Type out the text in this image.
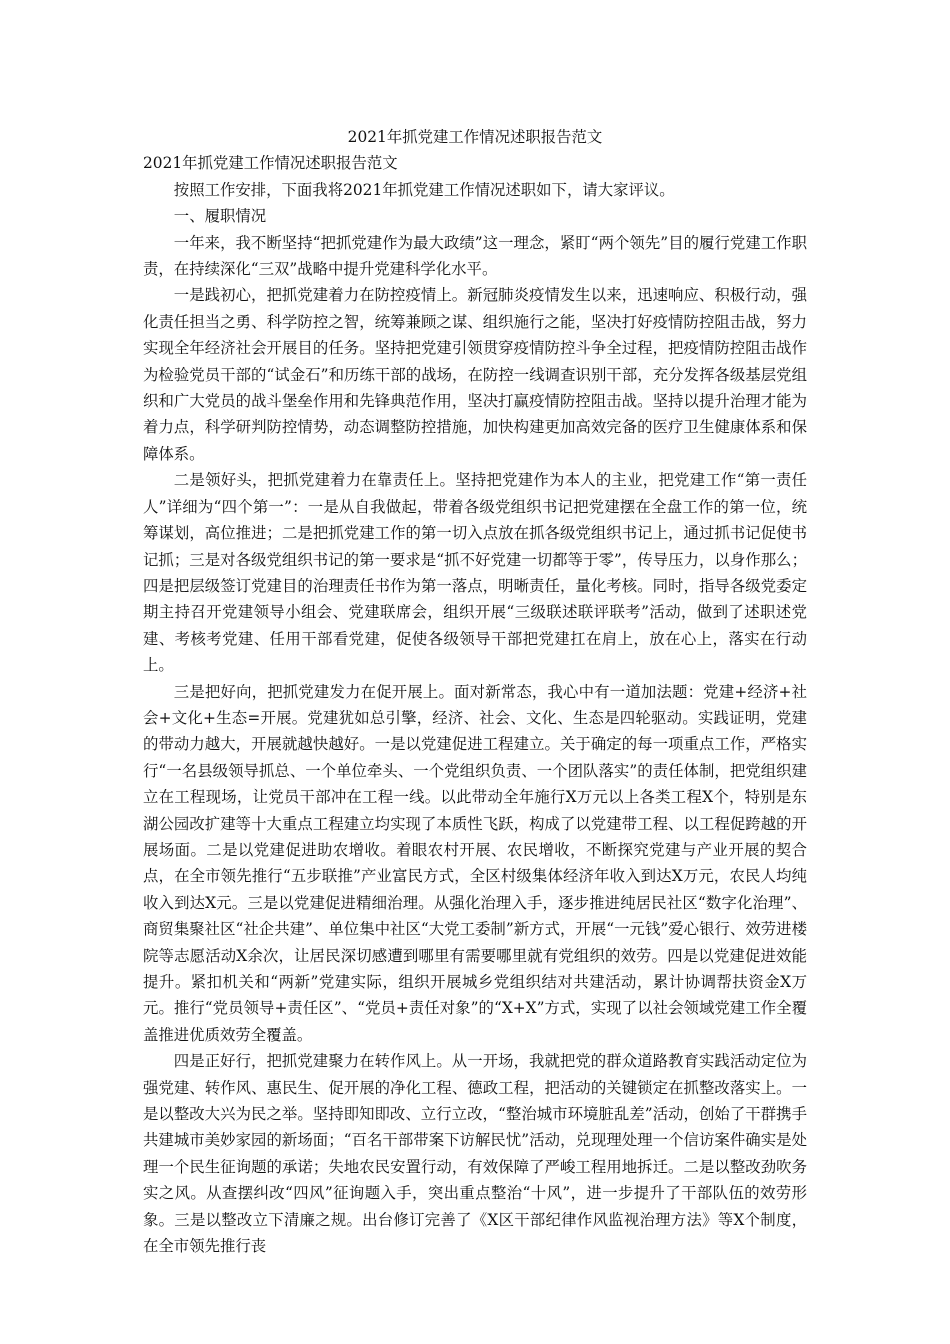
2021年抓党建工作情况述职报告范文
2021年抓党建工作情况述职报告范文

按照工作安排，下面我将2021年抓党建工作情况述职如下，请大家评议。

一、履职情况

一年来，我不断坚持“把抓党建作为最大政绩”这一理念，紧盯“两个领先”目的履行党建工作职责，在持续深化“三双”战略中提升党建科学化水平。

一是践初心，把抓党建着力在防控疫情上。新冠肺炎疫情发生以来，迅速响应、积极行动，强化责任担当之勇、科学防控之智，统筹兼顾之谋、组织施行之能，坚决打好疫情防控阻击战，努力实现全年经济社会开展目的任务。坚持把党建引领贯穿疫情防控斗争全过程，把疫情防控阻击战作为检验党员干部的“试金石”和历练干部的战场，在防控一线调查识别干部，充分发挥各级基层党组织和广大党员的战斗堡垒作用和先锋典范作用，坚决打赢疫情防控阻击战。坚持以提升治理才能为着力点，科学研判防控情势，动态调整防控措施，加快构建更加高效完备的医疗卫生健康体系和保障体系。

二是领好头，把抓党建着力在靠责任上。坚持把党建作为本人的主业，把党建工作“第一责任人”详细为“四个第一”：一是从自我做起，带着各级党组织书记把党建摆在全盘工作的第一位，统筹谋划，高位推进；二是把抓党建工作的第一切入点放在抓各级党组织书记上，通过抓书记促使书记抓；三是对各级党组织书记的第一要求是“抓不好党建一切都等于零”，传导压力，以身作那么；四是把层级签订党建目的治理责任书作为第一落点，明晰责任，量化考核。同时，指导各级党委定期主持召开党建领导小组会、党建联席会，组织开展“三级联述联评联考”活动，做到了述职述党建、考核考党建、任用干部看党建，促使各级领导干部把党建扛在肩上，放在心上，落实在行动上。

三是把好向，把抓党建发力在促开展上。面对新常态，我心中有一道加法题：党建+经济+社会+文化+生态=开展。党建犹如总引擎，经济、社会、文化、生态是四轮驱动。实践证明，党建的带动力越大，开展就越快越好。一是以党建促进工程建立。关于确定的每一项重点工作，严格实行“一名县级领导抓总、一个单位牵头、一个党组织负责、一个团队落实”的责任体制，把党组织建立在工程现场，让党员干部冲在工程一线。以此带动全年施行X万元以上各类工程X个，特别是东湖公园改扩建等十大重点工程建立均实现了本质性飞跃，构成了以党建带工程、以工程促跨越的开展场面。二是以党建促进助农增收。着眼农村开展、农民增收，不断探究党建与产业开展的契合点，在全市领先推行“五步联推”产业富民方式，全区村级集体经济年收入到达X万元，农民人均纯收入到达X元。三是以党建促进精细治理。从强化治理入手，逐步推进纯居民社区“数字化治理”、商贸集聚社区“社企共建”、单位集中社区“大党工委制”新方式，开展“一元钱”爱心银行、效劳进楼院等志愿活动X余次，让居民深切感遭到哪里有需要哪里就有党组织的效劳。四是以党建促进效能提升。紧扣机关和“两新”党建实际，组织开展城乡党组织结对共建活动，累计协调帮扶资金X万元。推行“党员领导+责任区”、“党员+责任对象”的“X+X”方式，实现了以社会领域党建工作全覆盖推进优质效劳全覆盖。

四是正好行，把抓党建聚力在转作风上。从一开场，我就把党的群众道路教育实践活动定位为强党建、转作风、惠民生、促开展的净化工程、德政工程，把活动的关键锁定在抓整改落实上。一是以整改大兴为民之举。坚持即知即改、立行立改，“整治城市环境脏乱差”活动，创始了干群携手共建城市美妙家园的新场面；“百名干部带案下访解民忧”活动，兑现理处理一个信访案件确实是处理一个民生征询题的承诺；失地农民安置行动，有效保障了严峻工程用地拆迁。二是以整改劲吹务实之风。从查摆纠改“四风”征询题入手，突出重点整治“十风”，进一步提升了干部队伍的效劳形象。三是以整改立下清廉之规。出台修订完善了《X区干部纪律作风监视治理方法》等X个制度，在全市领先推行丧
